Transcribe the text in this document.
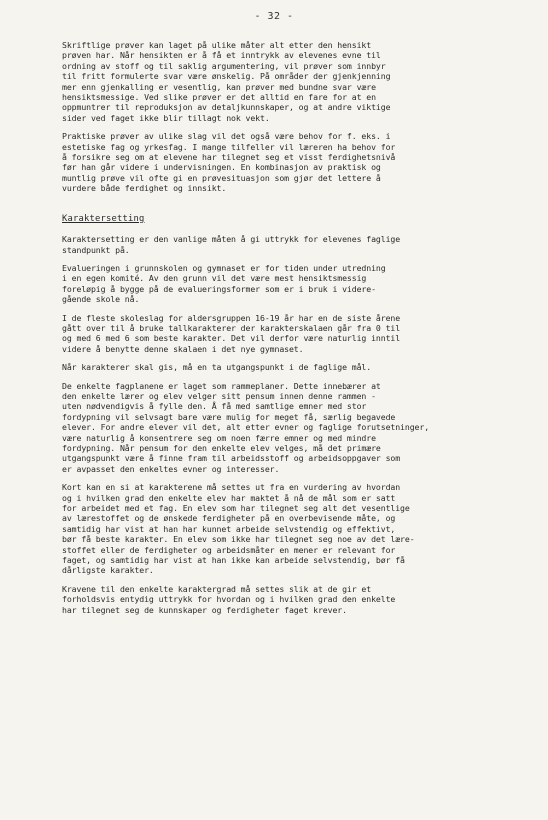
- 32 -
Skriftlige prøver kan laget på ulike måter alt etter den hensikt
prøven har. Når hensikten er å få et inntrykk av elevenes evne til
ordning av stoff og til saklig argumentering, vil prøver som innbyr
til fritt formulerte svar være ønskelig. På områder der gjenkjenning
mer enn gjenkalling er vesentlig, kan prøver med bundne svar være
hensiktsmessige. Ved slike prøver er det alltid en fare for at en
oppmuntrer til reproduksjon av detaljkunnskaper, og at andre viktige
sider ved faget ikke blir tillagt nok vekt.
Praktiske prøver av ulike slag vil det også være behov for f. eks. i
estetiske fag og yrkesfag. I mange tilfeller vil læreren ha behov for
å forsikre seg om at elevene har tilegnet seg et visst ferdighetsnivå
før han går videre i undervisningen. En kombinasjon av praktisk og
muntlig prøve vil ofte gi en prøvesituasjon som gjør det lettere å
vurdere både ferdighet og innsikt.
Karaktersetting
Karaktersetting er den vanlige måten å gi uttrykk for elevenes faglige
standpunkt på.
Evalueringen i grunnskolen og gymnaset er for tiden under utredning
i en egen komité. Av den grunn vil det være mest hensiktsmessig
foreløpig å bygge på de evalueringsformer som er i bruk i videre-
gående skole nå.
I de fleste skoleslag for aldersgruppen 16-19 år har en de siste årene
gått over til å bruke tallkarakterer der karakterskalaen går fra 0 til
og med 6 med 6 som beste karakter. Det vil derfor være naturlig inntil
videre å benytte denne skalaen i det nye gymnaset.
Når karakterer skal gis, må en ta utgangspunkt i de faglige mål.
De enkelte fagplanene er laget som rammeplaner. Dette innebærer at
den enkelte lærer og elev velger sitt pensum innen denne rammen -
uten nødvendigvis å fylle den. Å få med samtlige emner med stor
fordypning vil selvsagt bare være mulig for meget få, særlig begavede
elever. For andre elever vil det, alt etter evner og faglige forutsetninger,
være naturlig å konsentrere seg om noen færre emner og med mindre
fordypning. Når pensum for den enkelte elev velges, må det primære
utgangspunkt være å finne fram til arbeidsstoff og arbeidsoppgaver som
er avpasset den enkeltes evner og interesser.
Kort kan en si at karakterene må settes ut fra en vurdering av hvordan
og i hvilken grad den enkelte elev har maktet å nå de mål som er satt
for arbeidet med et fag. En elev som har tilegnet seg alt det vesentlige
av lærestoffet og de ønskede ferdigheter på en overbevisende måte, og
samtidig har vist at han har kunnet arbeide selvstendig og effektivt,
bør få beste karakter. En elev som ikke har tilegnet seg noe av det lære-
stoffet eller de ferdigheter og arbeidsmåter en mener er relevant for
faget, og samtidig har vist at han ikke kan arbeide selvstendig, bør få
dårligste karakter.
Kravene til den enkelte karaktergrad må settes slik at de gir et
forholdsvis entydig uttrykk for hvordan og i hvilken grad den enkelte
har tilegnet seg de kunnskaper og ferdigheter faget krever.
